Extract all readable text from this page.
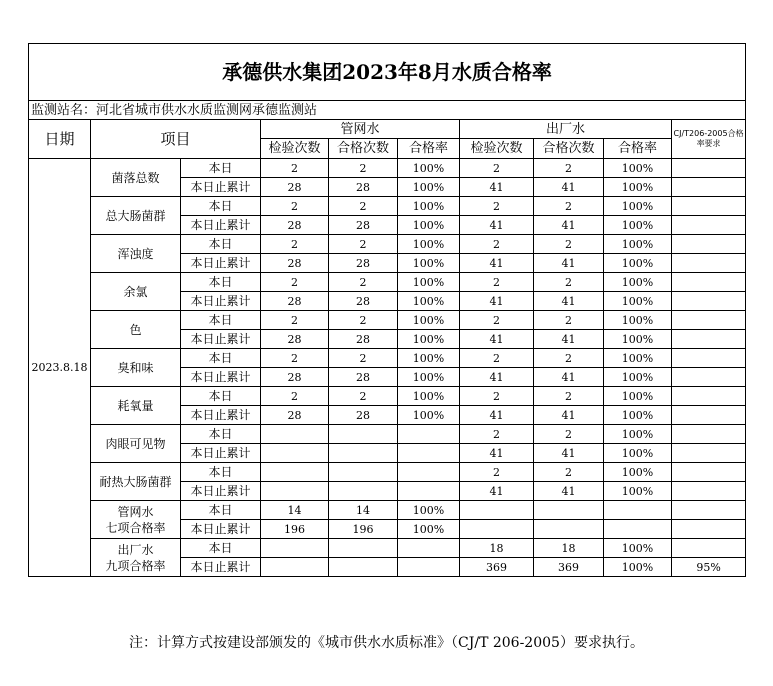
承德供水集团2023年8月水质合格率									
监测站名：河北省城市供水水质监测网承德监测站									
日期	项目		管网水			出厂水			CJ/T206-2005合格率要求
			检验次数	合格次数	合格率	检验次数	合格次数	合格率	
2023.8.18	菌落总数	本日	2	2	100%	2	2	100%	
		本日止累计	28	28	100%	41	41	100%	
	总大肠菌群	本日	2	2	100%	2	2	100%	
		本日止累计	28	28	100%	41	41	100%	
	浑浊度	本日	2	2	100%	2	2	100%	
		本日止累计	28	28	100%	41	41	100%	
	余氯	本日	2	2	100%	2	2	100%	
		本日止累计	28	28	100%	41	41	100%	
	色	本日	2	2	100%	2	2	100%	
		本日止累计	28	28	100%	41	41	100%	
	臭和味	本日	2	2	100%	2	2	100%	
		本日止累计	28	28	100%	41	41	100%	
	耗氧量	本日	2	2	100%	2	2	100%	
		本日止累计	28	28	100%	41	41	100%	
	肉眼可见物	本日				2	2	100%	
		本日止累计				41	41	100%	
	耐热大肠菌群	本日				2	2	100%	
		本日止累计				41	41	100%	
	管网水
七项合格率	本日	14	14	100%				
		本日止累计	196	196	100%				
	出厂水
九项合格率	本日				18	18	100%	
		本日止累计				369	369	100%	95%
注：计算方式按建设部颁发的《城市供水水质标准》（CJ/T 206-2005）要求执行。
